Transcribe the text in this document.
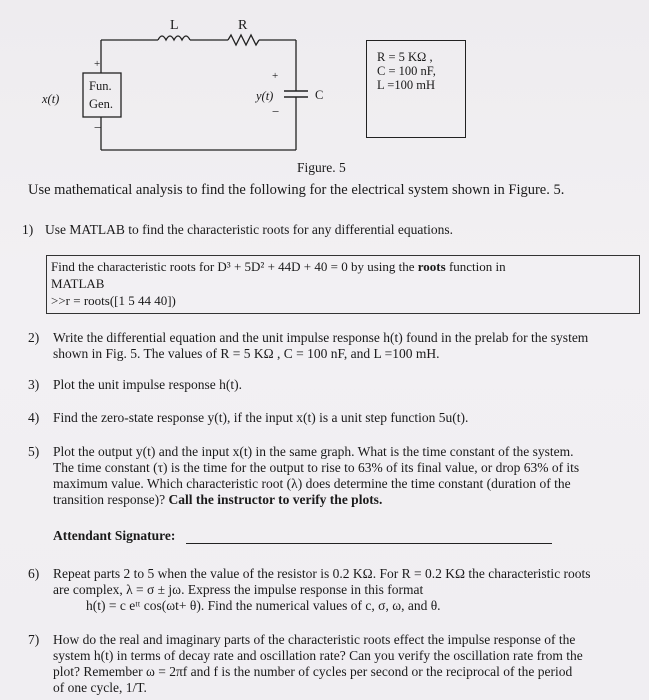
L	R
+
−
Fun.
Gen.
x(t)
+
y(t)
−
C
R = 5 KΩ ,
C = 100 nF,
L =100 mH
Figure. 5
Use mathematical analysis to find the following for the electrical system shown in Figure. 5.
1) Use MATLAB to find the characteristic roots for any differential equations.
Find the characteristic roots for D³ + 5D² + 44D + 40 = 0 by using the roots function in
MATLAB
>>r = roots([1 5 44 40])
2) Write the differential equation and the unit impulse response h(t) found in the prelab for the system
shown in Fig. 5. The values of R = 5 KΩ , C = 100 nF, and L =100 mH.
3) Plot the unit impulse response h(t).
4) Find the zero-state response y(t), if the input x(t) is a unit step function 5u(t).
5) Plot the output y(t) and the input x(t) in the same graph. What is the time constant of the system.
The time constant (τ) is the time for the output to rise to 63% of its final value, or drop 63% of its
maximum value. Which characteristic root (λ) does determine the time constant (duration of the
transition response)? Call the instructor to verify the plots.
Attendant Signature:
6) Repeat parts 2 to 5 when the value of the resistor is 0.2 KΩ. For R = 0.2 KΩ the characteristic roots
are complex, λ = σ ± jω. Express the impulse response in this format
h(t) = c eᵗᵗ cos(ωt+ θ). Find the numerical values of c, σ, ω, and θ.
7) How do the real and imaginary parts of the characteristic roots effect the impulse response of the
system h(t) in terms of decay rate and oscillation rate? Can you verify the oscillation rate from the
plot? Remember ω = 2πf and f is the number of cycles per second or the reciprocal of the period
of one cycle, 1/T.
